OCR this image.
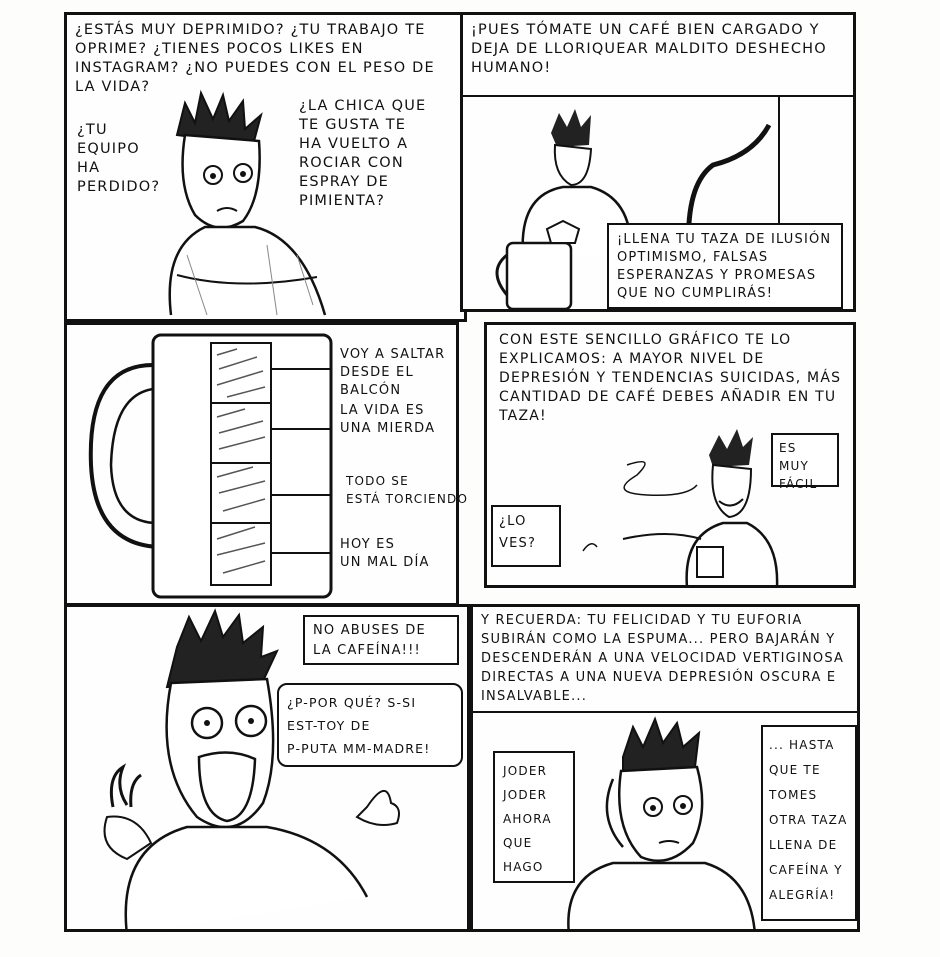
¿ESTÁS MUY DEPRIMIDO? ¿TU TRABAJO TE OPRIME? ¿TIENES POCOS LIKES EN INSTAGRAM? ¿NO PUEDES CON EL PESO DE LA VIDA?
¿TU
EQUIPO
HA
PERDIDO?
¿LA CHICA QUE
TE GUSTA TE
HA VUELTO A
ROCIAR CON
ESPRAY DE
PIMIENTA?
¡PUES TÓMATE UN CAFÉ BIEN CARGADO Y DEJA DE LLORIQUEAR MALDITO DESHECHO HUMANO!
¡LLENA TU TAZA DE ILUSIÓN OPTIMISMO, FALSAS ESPERANZAS Y PROMESAS QUE NO CUMPLIRÁS!
VOY A SALTAR
DESDE EL BALCÓN
LA VIDA ES
UNA MIERDA
TODO SE
ESTÁ TORCIENDO
HOY ES
UN MAL DÍA
CON ESTE SENCILLO GRÁFICO TE LO EXPLICAMOS: A MAYOR NIVEL DE DEPRESIÓN Y TENDENCIAS SUICIDAS, MÁS CANTIDAD DE CAFÉ DEBES AÑADIR EN TU TAZA!
ES MUY
FÁCIL
¿LO
VES?
NO ABUSES DE
LA CAFEÍNA!!!
¿P-POR QUÉ? S-SI
EST-TOY DE
P-PUTA MM-MADRE!
Y RECUERDA: TU FELICIDAD Y TU EUFORIA SUBIRÁN COMO LA ESPUMA... PERO BAJARÁN Y DESCENDERÁN A UNA VELOCIDAD VERTIGINOSA DIRECTAS A UNA NUEVA DEPRESIÓN OSCURA E INSALVABLE...
JODER
JODER
AHORA
QUE
HAGO
... HASTA
QUE TE
TOMES
OTRA TAZA
LLENA DE
CAFEÍNA Y
ALEGRÍA!
